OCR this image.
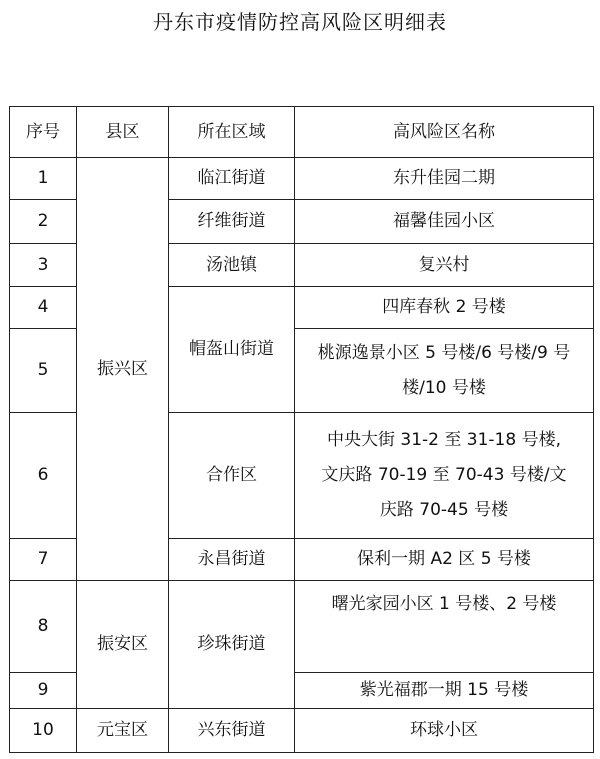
丹东市疫情防控高风险区明细表
序号	县区	所在区域	高风险区名称
1	振兴区	临江街道	东升佳园二期
2		纤维街道	福馨佳园小区
3		汤池镇	复兴村
4		帽盔山街道	四库春秋 2 号楼
5			桃源逸景小区 5 号楼/6 号楼/9 号
楼/10 号楼

6		合作区	中央大街 31-2 至 31-18 号楼,
文庆路 70-19 至 70-43 号楼/文
庆路 70-45 号楼

7		永昌街道	保利一期 A2 区 5 号楼
8	振安区	珍珠街道	曙光家园小区 1 号楼、2 号楼
9			紫光福郡一期 15 号楼
10	元宝区	兴东街道	环球小区
